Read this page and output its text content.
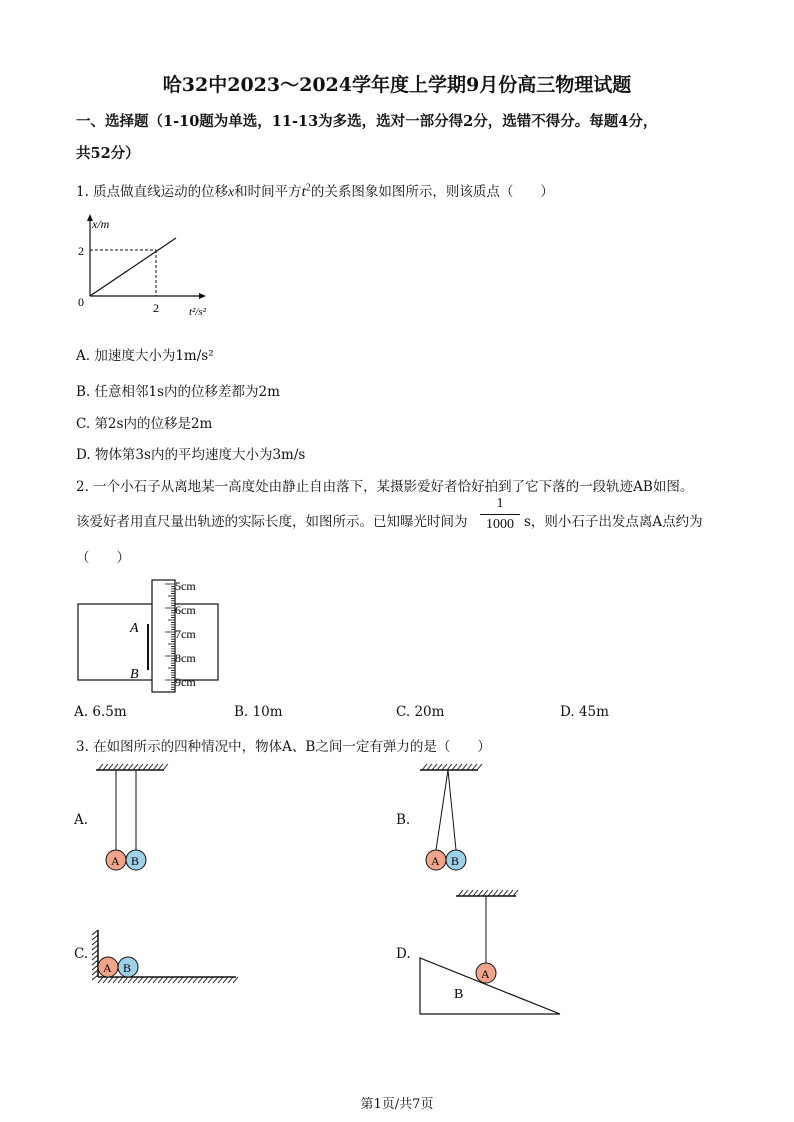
哈32中2023～2024学年度上学期9月份高三物理试题
一、选择题（1-10题为单选，11-13为多选，选对一部分得2分，选错不得分。每题4分，
共52分）
1. 质点做直线运动的位移x和时间平方$t^2$的关系图象如图所示，则该质点（　　）
x/m
2
0	2	t²/s²
A. 加速度大小为1m/s²
B. 任意相邻1s内的位移差都为2m
C. 第2s内的位移是2m
D. 物体第3s内的平均速度大小为3m/s
2. 一个小石子从离地某一高度处由静止自由落下，某摄影爱好者恰好拍到了它下落的一段轨迹AB如图。
该爱好者用直尺量出轨迹的实际长度，如图所示。已知曝光时间为 $\frac{1}{1000}$ s，则小石子出发点离A点约为
（　　）
A
B
5cm
6cm
7cm
8cm
9cm
A. 6.5m	B. 10m	C. 20m	D. 45m
3. 在如图所示的四种情况中，物体A、B之间一定有弹力的是（　　）
A.	B.
C.	D.
A B	A B
A B	A
B
第1页/共7页
